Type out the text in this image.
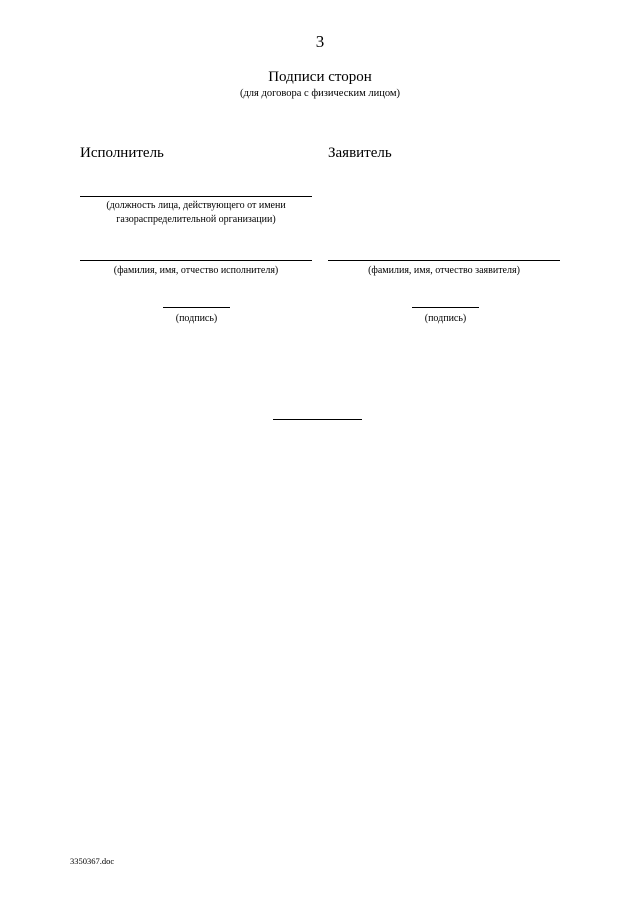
3
Подписи сторон
(для договора с физическим лицом)
Исполнитель	Заявитель
(должность лица, действующего от имени газораспределительной организации)
(фамилия, имя, отчество исполнителя)	(фамилия, имя, отчество заявителя)
(подпись)	(подпись)
3350367.doc
